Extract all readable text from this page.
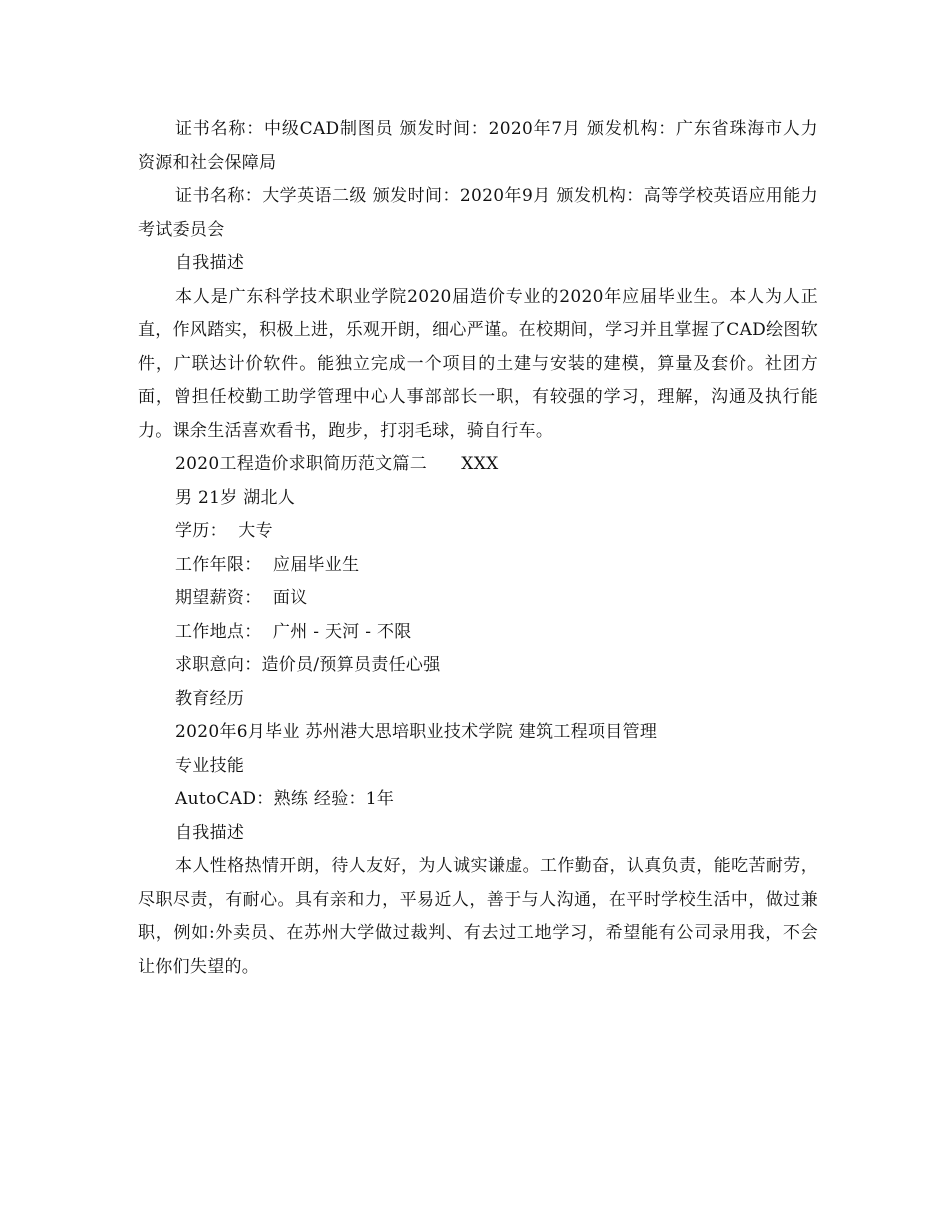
证书名称：中级CAD制图员 颁发时间：2020年7月 颁发机构：广东省珠海市人力资源和社会保障局

证书名称：大学英语二级 颁发时间：2020年9月 颁发机构：高等学校英语应用能力考试委员会

自我描述

本人是广东科学技术职业学院2020届造价专业的2020年应届毕业生。本人为人正直，作风踏实，积极上进，乐观开朗，细心严谨。在校期间，学习并且掌握了CAD绘图软件，广联达计价软件。能独立完成一个项目的土建与安装的建模，算量及套价。社团方面，曾担任校勤工助学管理中心人事部部长一职，有较强的学习，理解，沟通及执行能力。课余生活喜欢看书，跑步，打羽毛球，骑自行车。

2020工程造价求职简历范文篇二      XXX

男 21岁 湖北人

学历：  大专

工作年限：  应届毕业生

期望薪资：  面议

工作地点：  广州 - 天河 - 不限

求职意向：造价员/预算员责任心强

教育经历

2020年6月毕业 苏州港大思培职业技术学院 建筑工程项目管理

专业技能

AutoCAD：熟练 经验：1年

自我描述

本人性格热情开朗，待人友好，为人诚实谦虚。工作勤奋，认真负责，能吃苦耐劳，尽职尽责，有耐心。具有亲和力，平易近人，善于与人沟通，在平时学校生活中，做过兼职，例如:外卖员、在苏州大学做过裁判、有去过工地学习，希望能有公司录用我，不会让你们失望的。
